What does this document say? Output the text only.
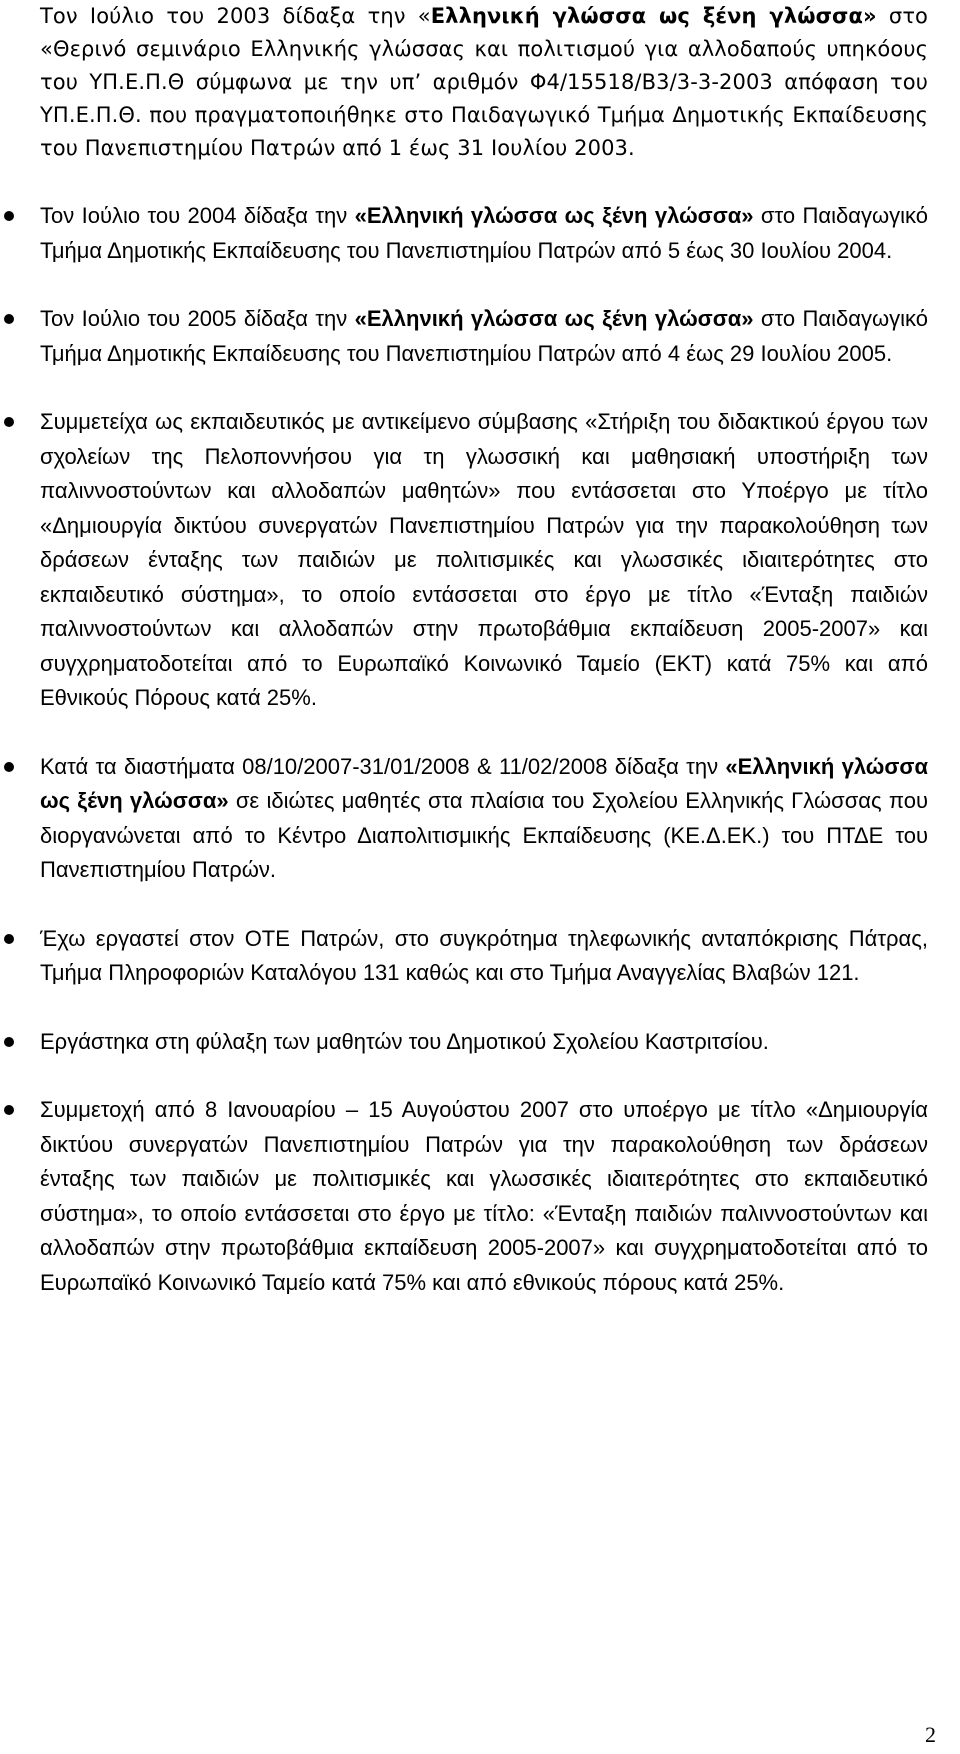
Τον Ιούλιο του 2003 δίδαξα την «Ελληνική γλώσσα ως ξένη γλώσσα» στο «Θερινό σεμινάριο Ελληνικής γλώσσας και πολιτισμού για αλλοδαπούς υπηκόους του ΥΠ.Ε.Π.Θ σύμφωνα με την υπ’ αριθμόν Φ4/15518/Β3/3-3-2003 απόφαση του ΥΠ.Ε.Π.Θ. που πραγματοποιήθηκε στο Παιδαγωγικό Τμήμα Δημοτικής Εκπαίδευσης του Πανεπιστημίου Πατρών από 1 έως 31 Ιουλίου 2003.
Τον Ιούλιο του 2004 δίδαξα την «Ελληνική γλώσσα ως ξένη γλώσσα» στο Παιδαγωγικό Τμήμα Δημοτικής Εκπαίδευσης του Πανεπιστημίου Πατρών από 5 έως 30 Ιουλίου 2004.
Τον Ιούλιο του 2005 δίδαξα την «Ελληνική γλώσσα ως ξένη γλώσσα» στο Παιδαγωγικό Τμήμα Δημοτικής Εκπαίδευσης του Πανεπιστημίου Πατρών από 4 έως 29 Ιουλίου 2005.
Συμμετείχα ως εκπαιδευτικός με αντικείμενο σύμβασης «Στήριξη του διδακτικού έργου των σχολείων της Πελοποννήσου για τη γλωσσική και μαθησιακή υποστήριξη των παλιννοστούντων και αλλοδαπών μαθητών» που εντάσσεται στο Υποέργο με τίτλο «Δημιουργία δικτύου συνεργατών Πανεπιστημίου Πατρών για την παρακολούθηση των δράσεων ένταξης των παιδιών με πολιτισμικές και γλωσσικές ιδιαιτερότητες στο εκπαιδευτικό σύστημα», το οποίο εντάσσεται στο έργο με τίτλο «Ένταξη παιδιών παλιννοστούντων και αλλοδαπών στην πρωτοβάθμια εκπαίδευση 2005-2007» και συγχρηματοδοτείται από το Ευρωπαϊκό Κοινωνικό Ταμείο (ΕΚΤ) κατά 75% και από Εθνικούς Πόρους κατά 25%.
Κατά τα διαστήματα 08/10/2007-31/01/2008 & 11/02/2008 δίδαξα την «Ελληνική γλώσσα ως ξένη γλώσσα» σε ιδιώτες μαθητές στα πλαίσια του Σχολείου Ελληνικής Γλώσσας που διοργανώνεται από το Κέντρο Διαπολιτισμικής Εκπαίδευσης (ΚΕ.Δ.ΕΚ.) του ΠΤΔΕ του Πανεπιστημίου Πατρών.
Έχω εργαστεί στον ΟΤΕ Πατρών, στο συγκρότημα τηλεφωνικής ανταπόκρισης Πάτρας, Τμήμα Πληροφοριών Καταλόγου 131 καθώς και στο Τμήμα Αναγγελίας Βλαβών 121.
Εργάστηκα στη φύλαξη των μαθητών του Δημοτικού Σχολείου Καστριτσίου.
Συμμετοχή από 8 Ιανουαρίου – 15 Αυγούστου 2007 στο υποέργο με τίτλο «Δημιουργία δικτύου συνεργατών Πανεπιστημίου Πατρών για την παρακολούθηση των δράσεων ένταξης των παιδιών με πολιτισμικές και γλωσσικές ιδιαιτερότητες στο εκπαιδευτικό σύστημα», το οποίο εντάσσεται στο έργο με τίτλο: «Ένταξη παιδιών παλιννοστούντων και αλλοδαπών στην πρωτοβάθμια εκπαίδευση 2005-2007» και συγχρηματοδοτείται από το Ευρωπαϊκό Κοινωνικό Ταμείο κατά 75% και από εθνικούς πόρους κατά 25%.
2
